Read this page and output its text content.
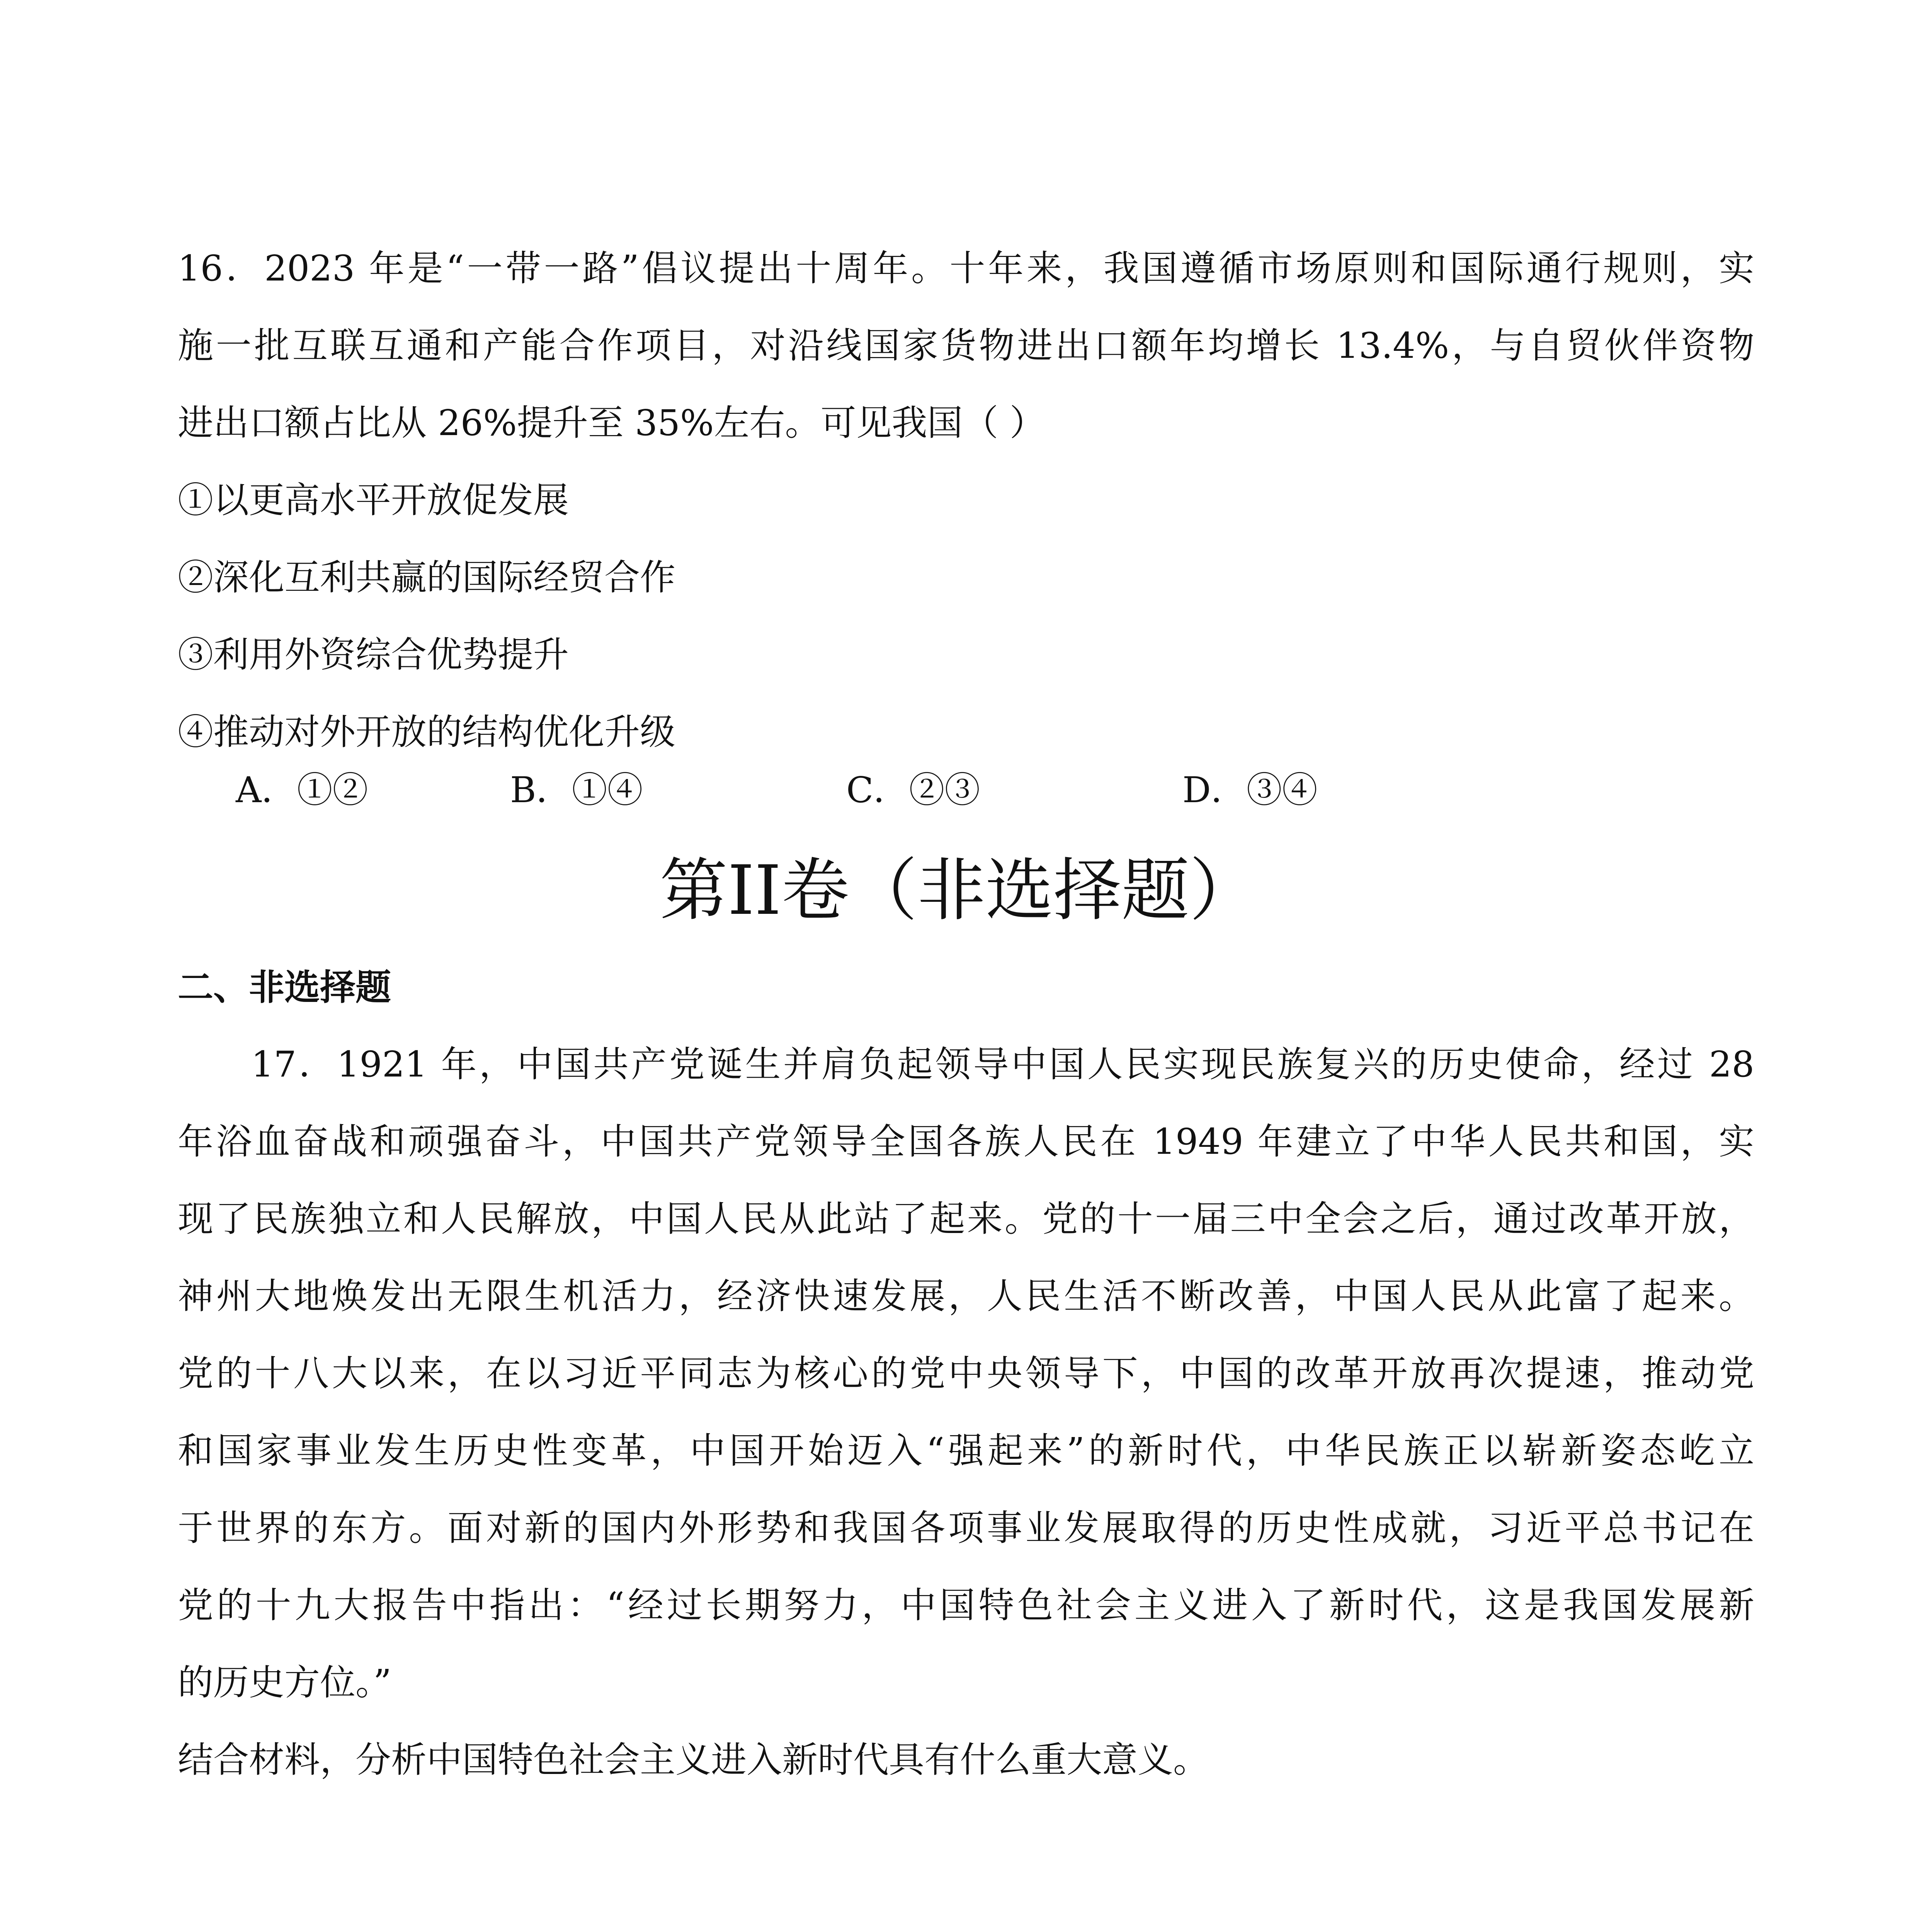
16．2023 年是“一带一路”倡议提出十周年。十年来，我国遵循市场原则和国际通行规则，实
施一批互联互通和产能合作项目，对沿线国家货物进出口额年均增长 13.4%，与自贸伙伴资物
进出口额占比从 26%提升至 35%左右。可见我国（ ）
①以更高水平开放促发展
②深化互利共赢的国际经贸合作
③利用外资综合优势提升
④推动对外开放的结构优化升级
A．①②	B．①④	C．②③	D．③④
第II卷（非选择题）
二、非选择题
17．1921 年，中国共产党诞生并肩负起领导中国人民实现民族复兴的历史使命，经过 28
年浴血奋战和顽强奋斗，中国共产党领导全国各族人民在 1949 年建立了中华人民共和国，实
现了民族独立和人民解放，中国人民从此站了起来。党的十一届三中全会之后，通过改革开放，
神州大地焕发出无限生机活力，经济快速发展，人民生活不断改善，中国人民从此富了起来。
党的十八大以来，在以习近平同志为核心的党中央领导下，中国的改革开放再次提速，推动党
和国家事业发生历史性变革，中国开始迈入“强起来”的新时代，中华民族正以崭新姿态屹立
于世界的东方。面对新的国内外形势和我国各项事业发展取得的历史性成就，习近平总书记在
党的十九大报告中指出：“经过长期努力，中国特色社会主义进入了新时代，这是我国发展新
的历史方位。”
结合材料，分析中国特色社会主义进入新时代具有什么重大意义。
